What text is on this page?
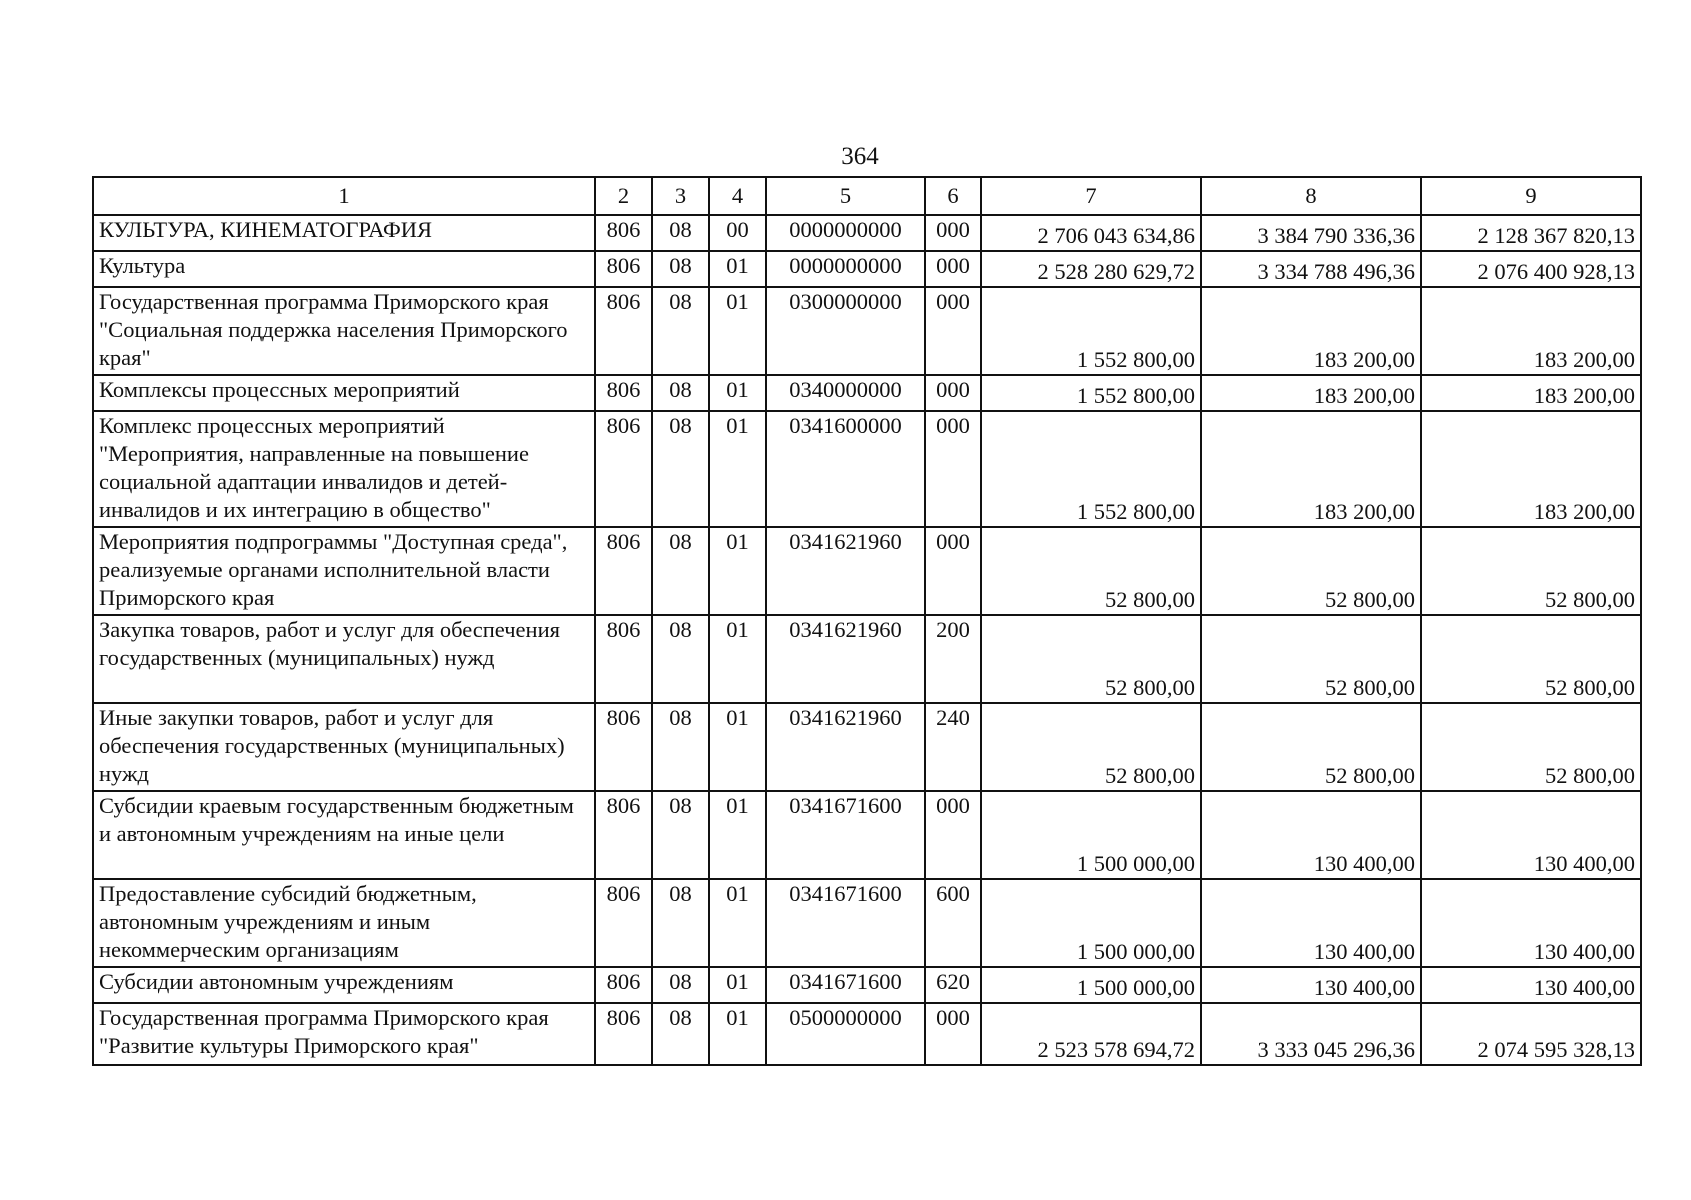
364
1	2	3	4	5	6	7	8	9
КУЛЬТУРА, КИНЕМАТОГРАФИЯ	806	08	00	0000000000	000	2 706 043 634,86	3 384 790 336,36	2 128 367 820,13
Культура	806	08	01	0000000000	000	2 528 280 629,72	3 334 788 496,36	2 076 400 928,13
Государственная программа Приморского края "Социальная поддержка населения Приморского края"	806	08	01	0300000000	000	1 552 800,00	183 200,00	183 200,00
Комплексы процессных мероприятий	806	08	01	0340000000	000	1 552 800,00	183 200,00	183 200,00
Комплекс процессных мероприятий "Мероприятия, направленные на повышение социальной адаптации инвалидов и детей-инвалидов и их интеграцию в общество"	806	08	01	0341600000	000	1 552 800,00	183 200,00	183 200,00
Мероприятия подпрограммы "Доступная среда", реализуемые органами исполнительной власти Приморского края	806	08	01	0341621960	000	52 800,00	52 800,00	52 800,00
Закупка товаров, работ и услуг для обеспечения государственных (муниципальных) нужд	806	08	01	0341621960	200	52 800,00	52 800,00	52 800,00
Иные закупки товаров, работ и услуг для обеспечения государственных (муниципальных) нужд	806	08	01	0341621960	240	52 800,00	52 800,00	52 800,00
Субсидии краевым государственным бюджетным и автономным учреждениям на иные цели	806	08	01	0341671600	000	1 500 000,00	130 400,00	130 400,00
Предоставление субсидий бюджетным, автономным учреждениям и иным некоммерческим организациям	806	08	01	0341671600	600	1 500 000,00	130 400,00	130 400,00
Субсидии автономным учреждениям	806	08	01	0341671600	620	1 500 000,00	130 400,00	130 400,00
Государственная программа Приморского края "Развитие культуры Приморского края"	806	08	01	0500000000	000	2 523 578 694,72	3 333 045 296,36	2 074 595 328,13
